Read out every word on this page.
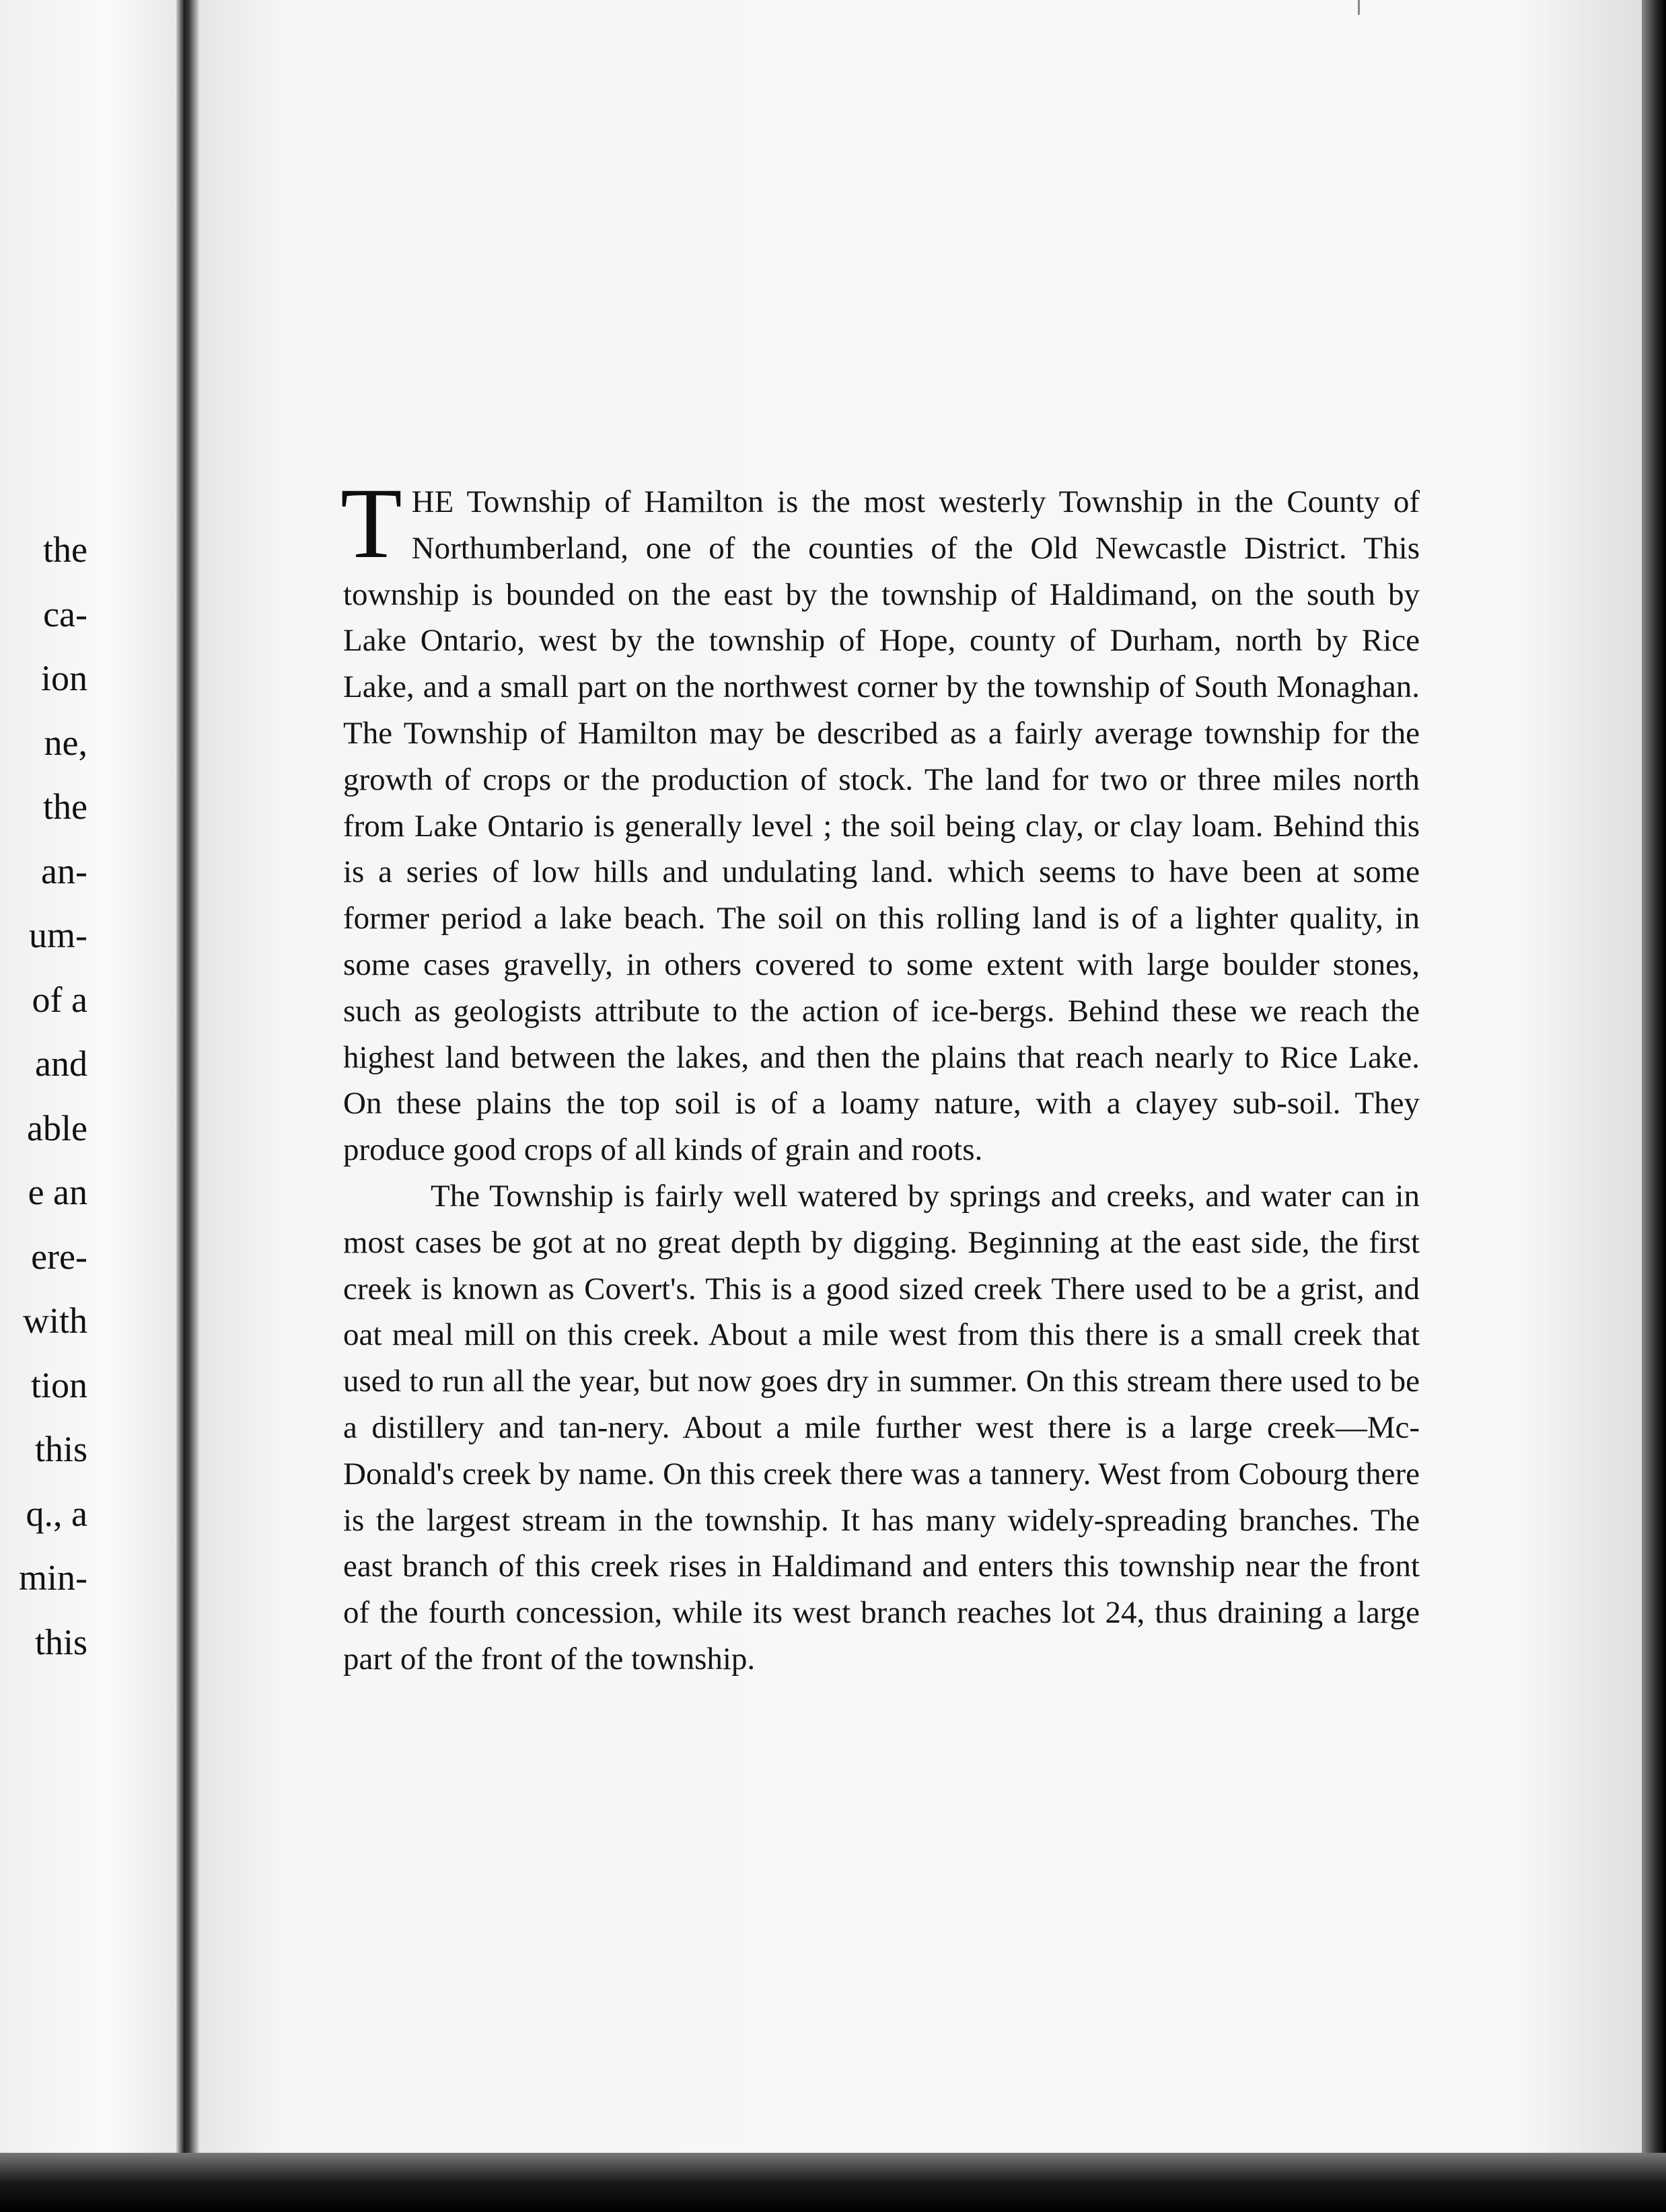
the
ca-
ion
ne,
the
an-
um-
of a
and
able
e an
ere-
with
tion
this
q., a
min-
this

THE Township of Hamilton is the most westerly Township in the County of Northumberland, one of the counties of the Old Newcastle District. This township is bounded on the east by the township of Haldimand, on the south by Lake Ontario, west by the township of Hope, county of Durham, north by Rice Lake, and a small part on the northwest corner by the township of South Monaghan. The Township of Hamilton may be described as a fairly average township for the growth of crops or the production of stock. The land for two or three miles north from Lake Ontario is generally level ; the soil being clay, or clay loam. Behind this is a series of low hills and undulating land. which seems to have been at some former period a lake beach. The soil on this rolling land is of a lighter quality, in some cases gravelly, in others covered to some extent with large boulder stones, such as geologists attribute to the action of ice-bergs. Behind these we reach the highest land between the lakes, and then the plains that reach nearly to Rice Lake. On these plains the top soil is of a loamy nature, with a clayey sub-soil. They produce good crops of all kinds of grain and roots.

The Township is fairly well watered by springs and creeks, and water can in most cases be got at no great depth by digging. Beginning at the east side, the first creek is known as Covert's. This is a good sized creek There used to be a grist, and oat meal mill on this creek. About a mile west from this there is a small creek that used to run all the year, but now goes dry in summer. On this stream there used to be a distillery and tan-nery. About a mile further west there is a large creek—Mc-Donald's creek by name. On this creek there was a tannery. West from Cobourg there is the largest stream in the township. It has many widely-spreading branches. The east branch of this creek rises in Haldimand and enters this township near the front of the fourth concession, while its west branch reaches lot 24, thus draining a large part of the front of the township.
